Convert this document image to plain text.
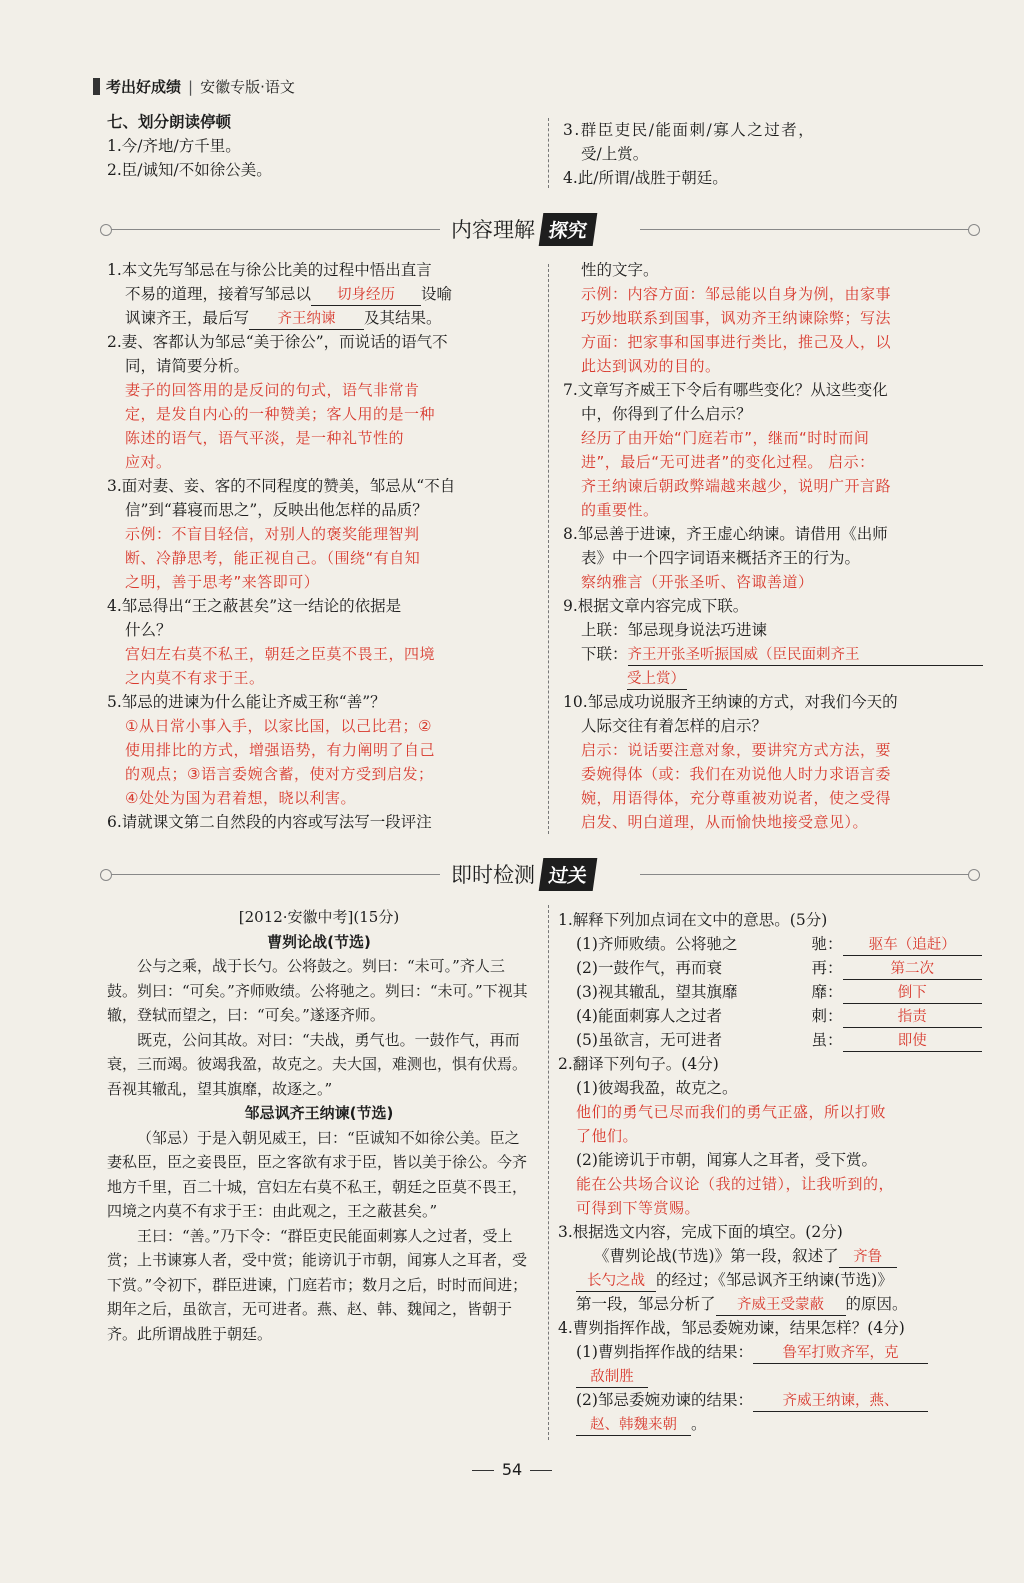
考出好成绩 | 安徽专版·语文

七、划分朗读停顿

1.今/齐地/方千里。

2.臣/诚知/不如徐公美。

3.群臣吏民/能面刺/寡人之过者，

受/上赏。

4.此/所谓/战胜于朝廷。

内容理解 探究

1.本文先写邹忌在与徐公比美的过程中悟出直言

不易的道理，接着写邹忌以 切身经历 设喻

讽谏齐王，最后写 齐王纳谏 及其结果。

2.妻、客都认为邹忌“美于徐公”，而说话的语气不

同，请简要分析。

妻子的回答用的是反问的句式，语气非常肯
定，是发自内心的一种赞美；客人用的是一种
陈述的语气，语气平淡，是一种礼节性的
应对。

3.面对妻、妾、客的不同程度的赞美，邹忌从“不自

信”到“暮寝而思之”，反映出他怎样的品质？

示例：不盲目轻信，对别人的褒奖能理智判
断、冷静思考，能正视自己。（围绕“有自知
之明，善于思考”来答即可）

4.邹忌得出“王之蔽甚矣”这一结论的依据是

什么？

宫妇左右莫不私王，朝廷之臣莫不畏王，四境
之内莫不有求于王。

5.邹忌的进谏为什么能让齐威王称“善”？

①从日常小事入手，以家比国，以己比君；②
使用排比的方式，增强语势，有力阐明了自己
的观点；③语言委婉含蓄，使对方受到启发；
④处处为国为君着想，晓以利害。

6.请就课文第二自然段的内容或写法写一段评注

性的文字。

示例：内容方面：邹忌能以自身为例，由家事
巧妙地联系到国事，讽劝齐王纳谏除弊；写法
方面：把家事和国事进行类比，推己及人，以
此达到讽劝的目的。

7.文章写齐威王下令后有哪些变化？从这些变化

中，你得到了什么启示？

经历了由开始“门庭若市”，继而“时时而间
进”，最后“无可进者”的变化过程。 启示：
齐王纳谏后朝政弊端越来越少，说明广开言路
的重要性。

8.邹忌善于进谏，齐王虚心纳谏。请借用《出师

表》中一个四字词语来概括齐王的行为。

察纳雅言（开张圣听、咨诹善道）

9.根据文章内容完成下联。

上联：邹忌现身说法巧进谏

下联：齐王开张圣听振国威（臣民面刺齐王

受上赏）

10.邹忌成功说服齐王纳谏的方式，对我们今天的

人际交往有着怎样的启示？

启示：说话要注意对象，要讲究方式方法，要
委婉得体（或：我们在劝说他人时力求语言委
婉，用语得体，充分尊重被劝说者，使之受得
启发、明白道理，从而愉快地接受意见）。

即时检测 过关

[2012·安徽中考](15分)

曹刿论战(节选)

公与之乘，战于长勺。公将鼓之。刿曰：“未可。”齐人三鼓。刿曰：“可矣。”齐师败绩。公将驰之。刿曰：“未可。”下视其辙，登轼而望之，曰：“可矣。”遂逐齐师。

既克，公问其故。对曰：“夫战，勇气也。一鼓作气，再而衰，三而竭。彼竭我盈，故克之。夫大国，难测也，惧有伏焉。吾视其辙乱，望其旗靡，故逐之。”

邹忌讽齐王纳谏(节选)

（邹忌）于是入朝见威王，曰：“臣诚知不如徐公美。臣之妻私臣，臣之妾畏臣，臣之客欲有求于臣，皆以美于徐公。今齐地方千里，百二十城，宫妇左右莫不私王，朝廷之臣莫不畏王，四境之内莫不有求于王：由此观之，王之蔽甚矣。”

王曰：“善。”乃下令：“群臣吏民能面刺寡人之过者，受上赏；上书谏寡人者，受中赏；能谤讥于市朝，闻寡人之耳者，受下赏。”令初下，群臣进谏，门庭若市；数月之后，时时而间进；期年之后，虽欲言，无可进者。燕、赵、韩、魏闻之，皆朝于齐。此所谓战胜于朝廷。

1.解释下列加点词在文中的意思。(5分)

(1)齐师败绩。公将驰之	驰：	驱车（追赶）

(2)一鼓作气，再而衰	再：	第二次

(3)视其辙乱，望其旗靡	靡：	倒下

(4)能面刺寡人之过者	刺：	指责

(5)虽欲言，无可进者	虽：	即使

2.翻译下列句子。(4分)

(1)彼竭我盈，故克之。

他们的勇气已尽而我们的勇气正盛，所以打败
了他们。

(2)能谤讥于市朝，闻寡人之耳者，受下赏。

能在公共场合议论（我的过错），让我听到的，
可得到下等赏赐。

3.根据选文内容，完成下面的填空。(2分)

《曹刿论战(节选)》第一段，叙述了 齐鲁

长勺之战 的经过；《邹忌讽齐王纳谏(节选)》

第一段，邹忌分析了 齐威王受蒙蔽 的原因。

4.曹刿指挥作战，邹忌委婉劝谏，结果怎样？(4分)

(1)曹刿指挥作战的结果： 鲁军打败齐军，克

敌制胜

(2)邹忌委婉劝谏的结果： 齐威王纳谏，燕、

赵、韩魏来朝 。

54
